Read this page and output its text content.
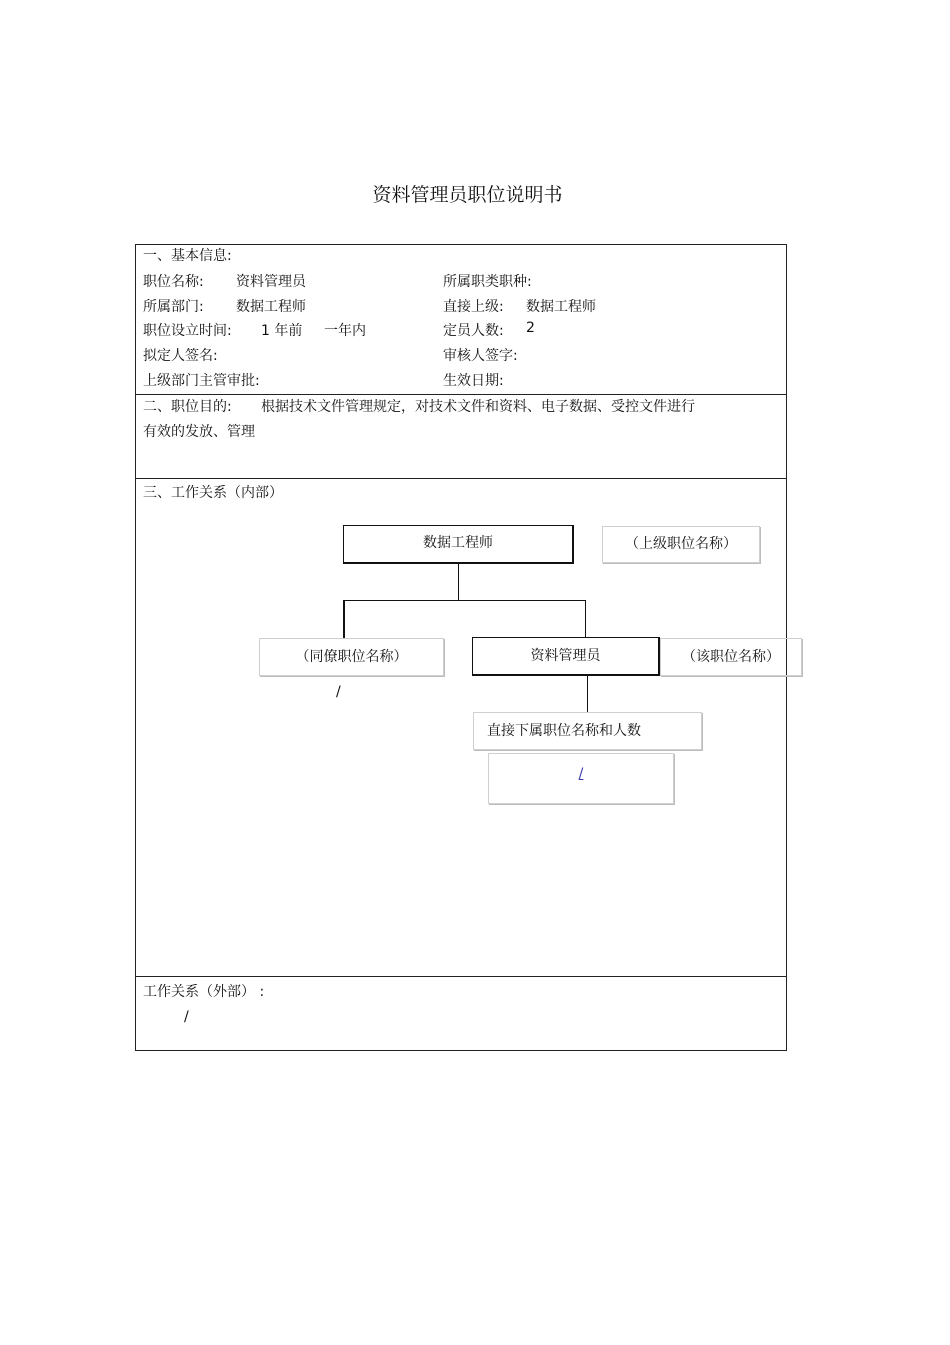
资料管理员职位说明书
一、基本信息:
职位名称: 资料管理员	所属职类职种:
所属部门: 数据工程师	直接上级: 数据工程师
职位设立时间: 1 年前 一年内	定员人数: 2
拟定人签名:	审核人签字:
上级部门主管审批:	生效日期:
二、职位目的: 根据技术文件管理规定，对技术文件和资料、电子数据、受控文件进行
有效的发放、管理
三、工作关系（内部）
数据工程师	（上级职位名称）
（同僚职位名称）
/
资料管理员	（该职位名称）
直接下属职位名称和人数
/
工作关系（外部） :
/
